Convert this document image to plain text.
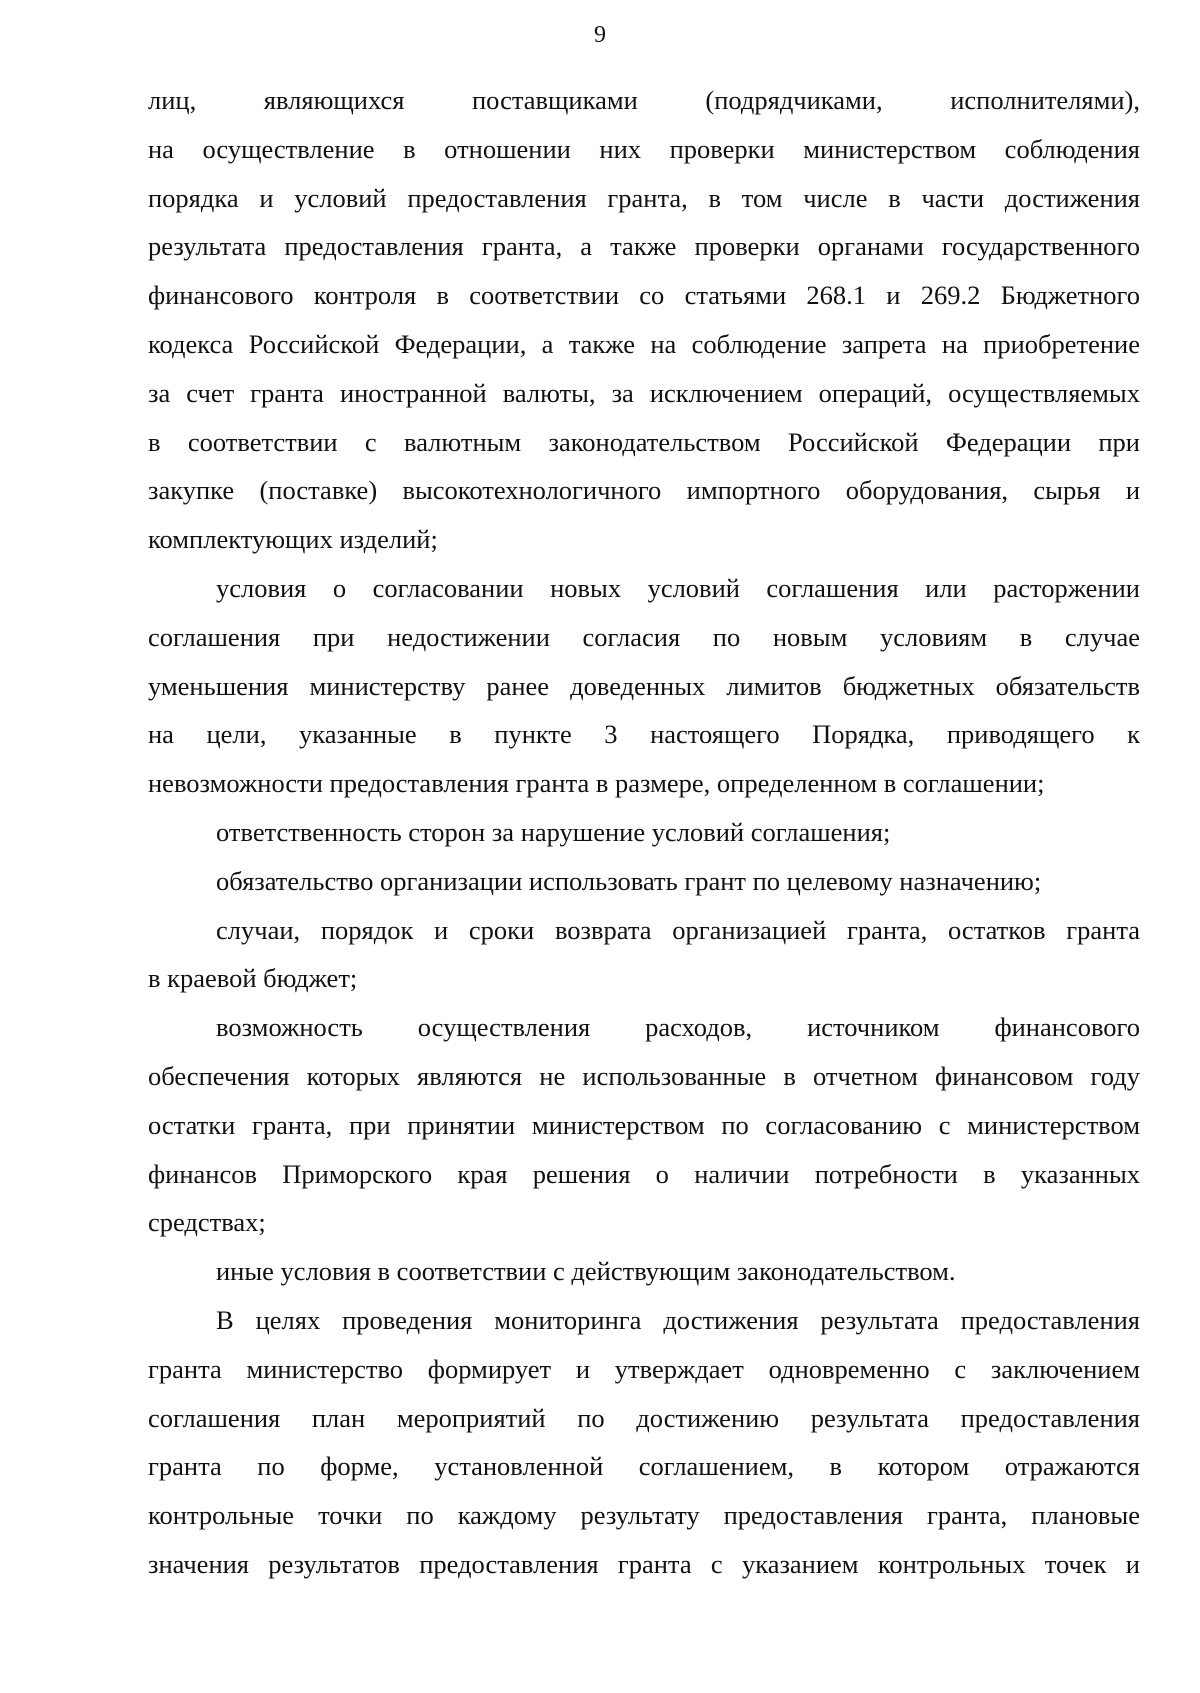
9

лиц, являющихся поставщиками (подрядчиками, исполнителями),
на осуществление в отношении них проверки министерством соблюдения
порядка и условий предоставления гранта, в том числе в части достижения
результата предоставления гранта, а также проверки органами государственного
финансового контроля в соответствии со статьями 268.1 и 269.2 Бюджетного
кодекса Российской Федерации, а также на соблюдение запрета на приобретение
за счет гранта иностранной валюты, за исключением операций, осуществляемых
в соответствии с валютным законодательством Российской Федерации при
закупке (поставке) высокотехнологичного импортного оборудования, сырья и
комплектующих изделий;

условия о согласовании новых условий соглашения или расторжении
соглашения при недостижении согласия по новым условиям в случае
уменьшения министерству ранее доведенных лимитов бюджетных обязательств
на цели, указанные в пункте 3 настоящего Порядка, приводящего к
невозможности предоставления гранта в размере, определенном в соглашении;

ответственность сторон за нарушение условий соглашения;

обязательство организации использовать грант по целевому назначению;

случаи, порядок и сроки возврата организацией гранта, остатков гранта
в краевой бюджет;

возможность осуществления расходов, источником финансового
обеспечения которых являются не использованные в отчетном финансовом году
остатки гранта, при принятии министерством по согласованию с министерством
финансов Приморского края решения о наличии потребности в указанных
средствах;

иные условия в соответствии с действующим законодательством.

В целях проведения мониторинга достижения результата предоставления
гранта министерство формирует и утверждает одновременно с заключением
соглашения план мероприятий по достижению результата предоставления
гранта по форме, установленной соглашением, в котором отражаются
контрольные точки по каждому результату предоставления гранта, плановые
значения результатов предоставления гранта с указанием контрольных точек и
